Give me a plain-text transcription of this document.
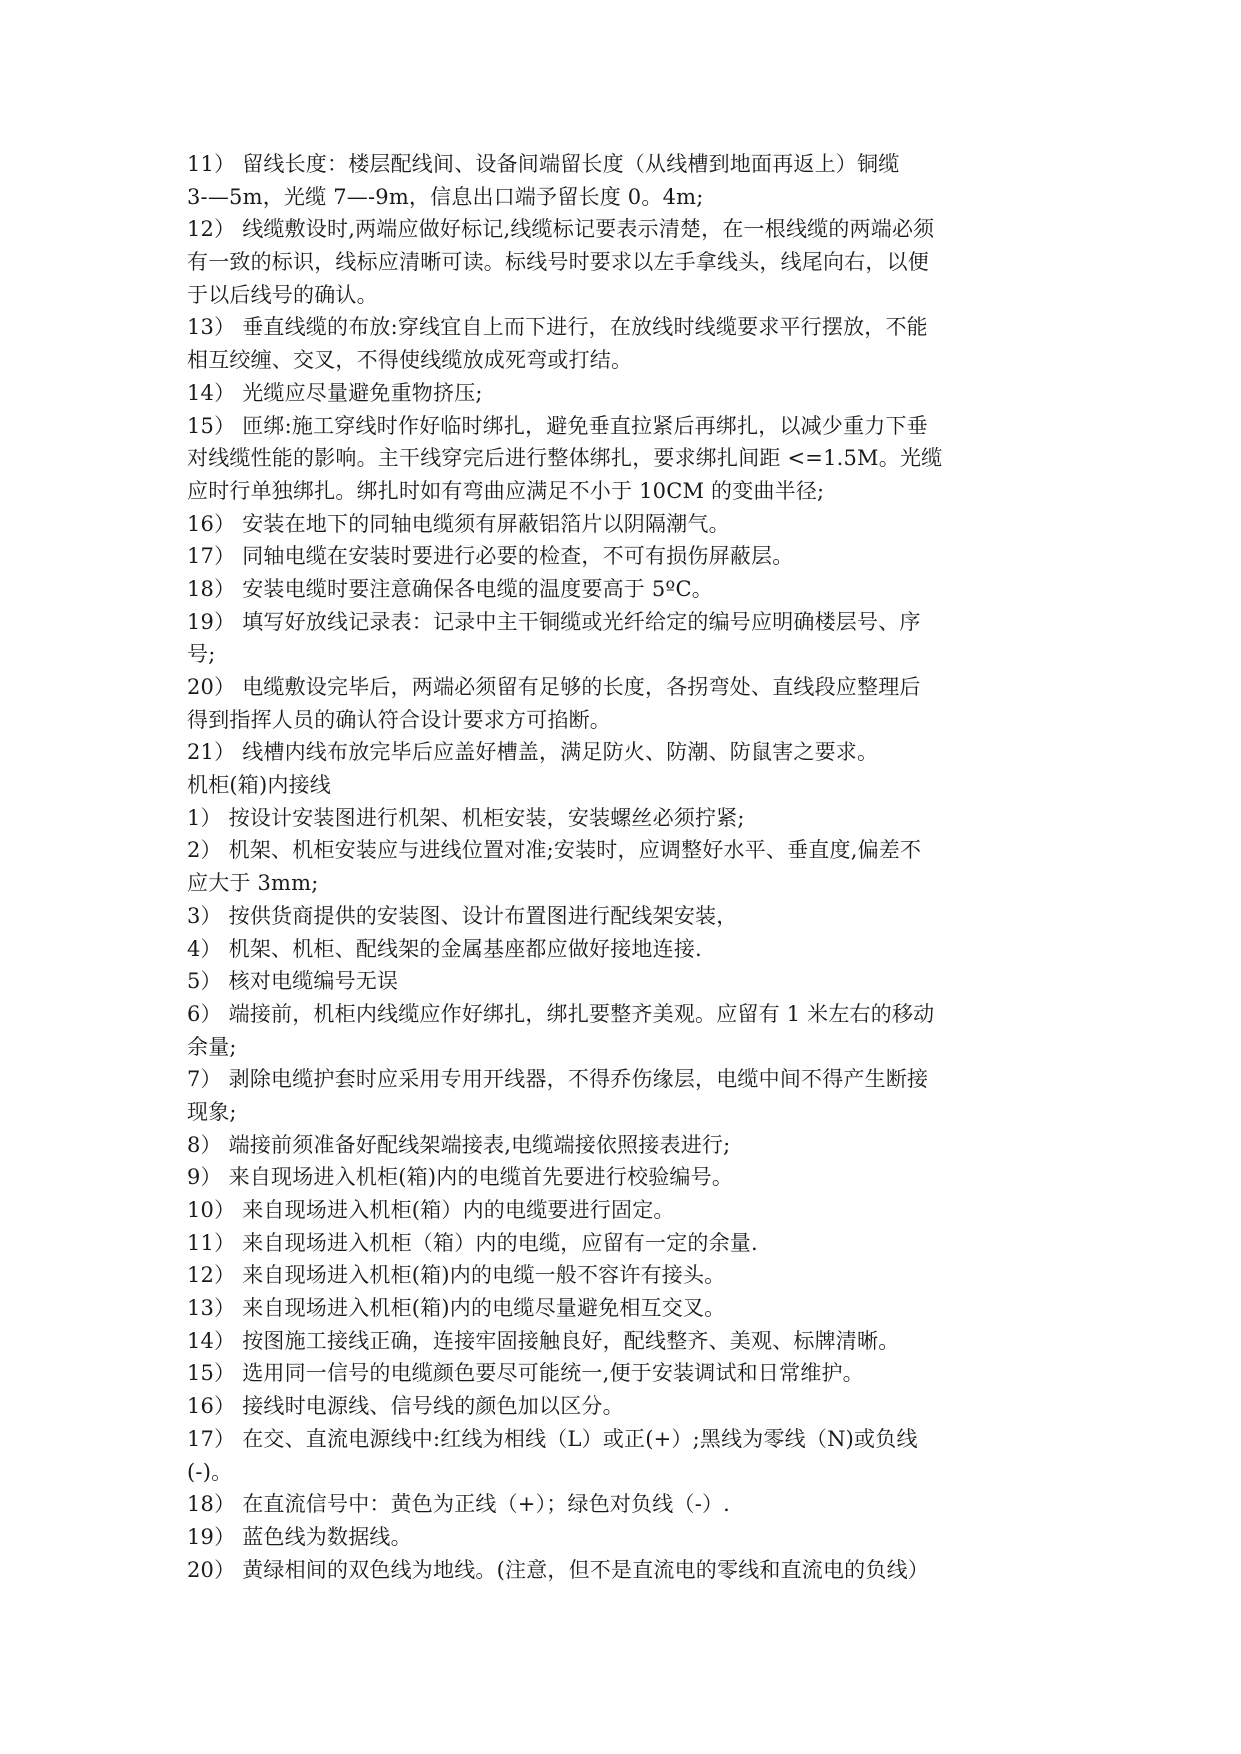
11） 留线长度：楼层配线间、设备间端留长度（从线槽到地面再返上）铜缆
3-—5m，光缆 7—-9m，信息出口端予留长度 0。4m;
12） 线缆敷设时,两端应做好标记,线缆标记要表示清楚，在一根线缆的两端必须
有一致的标识，线标应清晰可读。标线号时要求以左手拿线头，线尾向右，以便
于以后线号的确认。
13） 垂直线缆的布放:穿线宜自上而下进行，在放线时线缆要求平行摆放，不能
相互绞缠、交叉，不得使线缆放成死弯或打结。
14） 光缆应尽量避免重物挤压;
15） 匝绑:施工穿线时作好临时绑扎，避免垂直拉紧后再绑扎，以减少重力下垂
对线缆性能的影响。主干线穿完后进行整体绑扎，要求绑扎间距 <=1.5M。光缆
应时行单独绑扎。绑扎时如有弯曲应满足不小于 10CM 的变曲半径;
16） 安装在地下的同轴电缆须有屏蔽铝箔片以阴隔潮气。
17） 同轴电缆在安装时要进行必要的检查，不可有损伤屏蔽层。
18） 安装电缆时要注意确保各电缆的温度要高于 5ºC。
19） 填写好放线记录表：记录中主干铜缆或光纤给定的编号应明确楼层号、序
号;
20） 电缆敷设完毕后，两端必须留有足够的长度，各拐弯处、直线段应整理后
得到指挥人员的确认符合设计要求方可掐断。
21） 线槽内线布放完毕后应盖好槽盖，满足防火、防潮、防鼠害之要求。
机柜(箱)内接线
1） 按设计安装图进行机架、机柜安装，安装螺丝必须拧紧;
2） 机架、机柜安装应与进线位置对准;安装时，应调整好水平、垂直度,偏差不
应大于 3mm;
3） 按供货商提供的安装图、设计布置图进行配线架安装，
4） 机架、机柜、配线架的金属基座都应做好接地连接.
5） 核对电缆编号无误
6） 端接前，机柜内线缆应作好绑扎，绑扎要整齐美观。应留有 1 米左右的移动
余量;
7） 剥除电缆护套时应采用专用开线器，不得乔伤缘层，电缆中间不得产生断接
现象;
8） 端接前须准备好配线架端接表,电缆端接依照接表进行;
9） 来自现场进入机柜(箱)内的电缆首先要进行校验编号。
10） 来自现场进入机柜(箱）内的电缆要进行固定。
11） 来自现场进入机柜（箱）内的电缆，应留有一定的余量.
12） 来自现场进入机柜(箱)内的电缆一般不容许有接头。
13） 来自现场进入机柜(箱)内的电缆尽量避免相互交叉。
14） 按图施工接线正确，连接牢固接触良好，配线整齐、美观、标牌清晰。
15） 选用同一信号的电缆颜色要尽可能统一,便于安装调试和日常维护。
16） 接线时电源线、信号线的颜色加以区分。
17） 在交、直流电源线中:红线为相线（L）或正(+）;黑线为零线（N)或负线
(-)。
18） 在直流信号中：黄色为正线（+）；绿色对负线（-）.
19） 蓝色线为数据线。
20） 黄绿相间的双色线为地线。(注意，但不是直流电的零线和直流电的负线）
